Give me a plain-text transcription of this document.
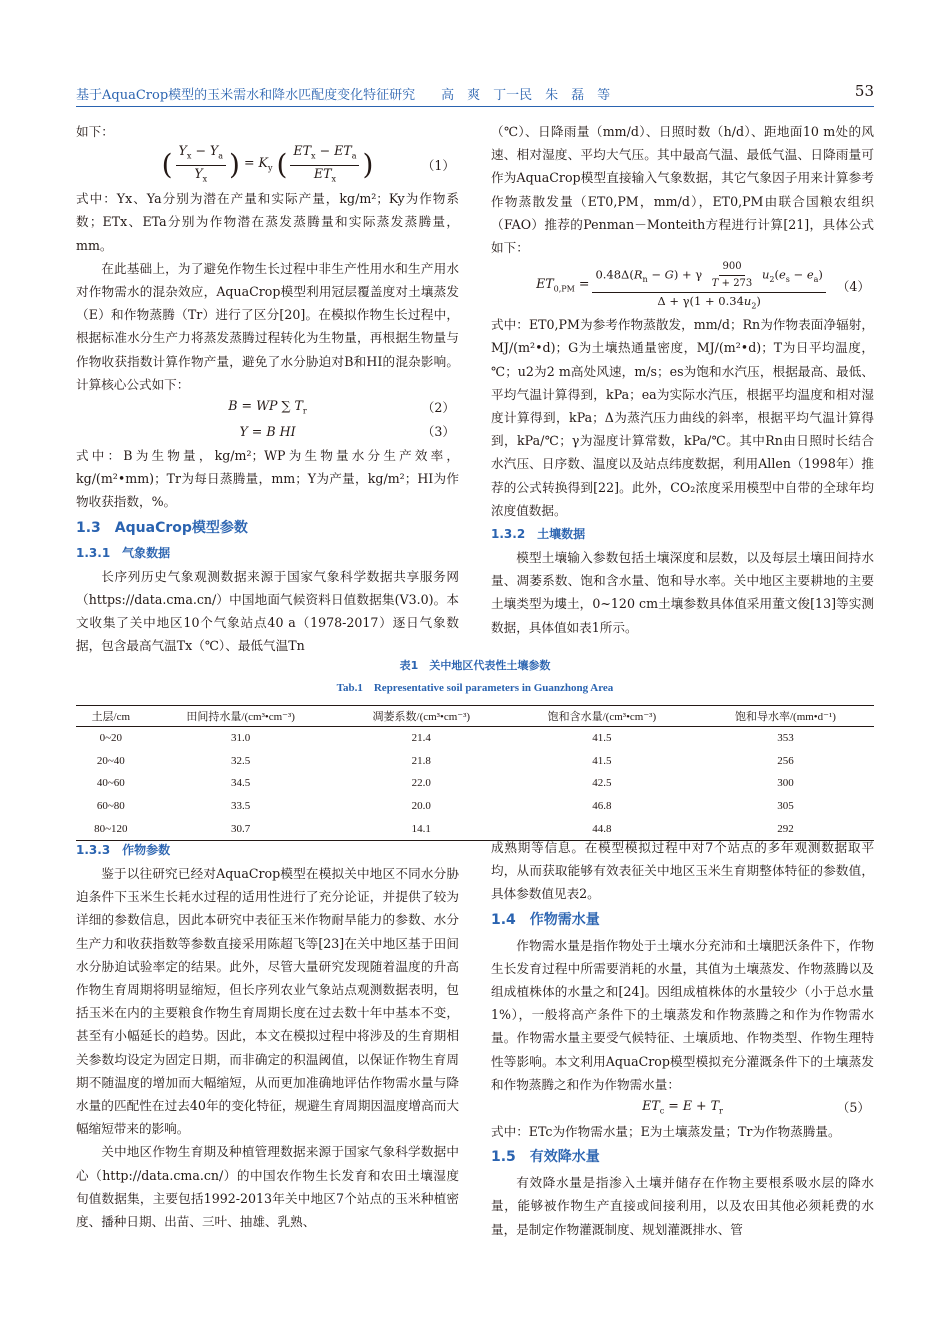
基于AquaCrop模型的玉米需水和降水匹配度变化特征研究　　高　爽　丁一民　朱　磊　等	53

如下：

( $\frac{Y_x - Y_a}{Y_x}$ ) = $K_y$ ( $\frac{ET_x - ET_a}{ET_x}$ )	（1）

式中：Yx、Ya分别为潜在产量和实际产量，kg/m²；Ky为作物系数；ETx、ETa分别为作物潜在蒸发蒸腾量和实际蒸发蒸腾量，mm。

在此基础上，为了避免作物生长过程中非生产性用水和生产用水对作物需水的混杂效应，AquaCrop模型利用冠层覆盖度对土壤蒸发（E）和作物蒸腾（Tr）进行了区分[20]。在模拟作物生长过程中，根据标准水分生产力将蒸发蒸腾过程转化为生物量，再根据生物量与作物收获指数计算作物产量，避免了水分胁迫对B和HI的混杂影响。计算核心公式如下：

B = WP ∑ $T_r$	（2）
Y = B HI	（3）

式中：B为生物量，kg/m²；WP为生物量水分生产效率，kg/(m²•mm)；Tr为每日蒸腾量，mm；Y为产量，kg/m²；HI为作物收获指数，%。

1.3　AquaCrop模型参数
1.3.1　气象数据

长序列历史气象观测数据来源于国家气象科学数据共享服务网（https://data.cma.cn/）中国地面气候资料日值数据集(V3.0)。本文收集了关中地区10个气象站点40 a（1978-2017）逐日气象数据，包含最高气温Tx（℃）、最低气温Tn

（℃）、日降雨量（mm/d）、日照时数（h/d）、距地面10 m处的风速、相对湿度、平均大气压。其中最高气温、最低气温、日降雨量可作为AquaCrop模型直接输入气象数据，其它气象因子用来计算参考作物蒸散发量（ET0,PM，mm/d），ET0,PM由联合国粮农组织（FAO）推荐的Penman－Monteith方程进行计算[21]，具体公式如下：

$ET_{0,PM} = \frac{0.48\Delta(R_n - G) + \gamma \frac{900}{T + 273} u_2(e_s - e_a)}{\Delta + \gamma(1 + 0.34u_2)} (4)$

式中：ET0,PM为参考作物蒸散发，mm/d；Rn为作物表面净辐射，MJ/(m²•d)；G为土壤热通量密度，MJ/(m²•d)；T为日平均温度，℃；u2为2 m高处风速，m/s；es为饱和水汽压，根据最高、最低、平均气温计算得到，kPa；ea为实际水汽压，根据平均温度和相对湿度计算得到，kPa；Δ为蒸汽压力曲线的斜率，根据平均气温计算得到，kPa/℃；γ为湿度计算常数，kPa/℃。其中Rn由日照时长结合水汽压、日序数、温度以及站点纬度数据，利用Allen（1998年）推荐的公式转换得到[22]。此外，CO₂浓度采用模型中自带的全球年均浓度值数据。

1.3.2　土壤数据

模型土壤输入参数包括土壤深度和层数，以及每层土壤田间持水量、凋萎系数、饱和含水量、饱和导水率。关中地区主要耕地的主要土壤类型为塿土，0~120 cm土壤参数具体值采用董文俊[13]等实测数据，具体值如表1所示。

表1　关中地区代表性土壤参数
Tab.1　Representative soil parameters in Guanzhong Area
土层/cm	田间持水量/(cm³•cm⁻³)	凋萎系数/(cm³•cm⁻³)	饱和含水量/(cm³•cm⁻³)	饱和导水率/(mm•d⁻¹)
0~20	31.0	21.4	41.5	353
20~40	32.5	21.8	41.5	256
40~60	34.5	22.0	42.5	300
60~80	33.5	20.0	46.8	305
80~120	30.7	14.1	44.8	292
1.3.3　作物参数

鉴于以往研究已经对AquaCrop模型在模拟关中地区不同水分胁迫条件下玉米生长耗水过程的适用性进行了充分论证，并提供了较为详细的参数信息，因此本研究中表征玉米作物耐旱能力的参数、水分生产力和收获指数等参数直接采用陈超飞等[23]在关中地区基于田间水分胁迫试验率定的结果。此外，尽管大量研究发现随着温度的升高作物生育周期将明显缩短，但长序列农业气象站点观测数据表明，包括玉米在内的主要粮食作物生育周期长度在过去数十年中基本不变，甚至有小幅延长的趋势。因此，本文在模拟过程中将涉及的生育期相关参数均设定为固定日期，而非确定的积温阈值，以保证作物生育周期不随温度的增加而大幅缩短，从而更加准确地评估作物需水量与降水量的匹配性在过去40年的变化特征，规避生育周期因温度增高而大幅缩短带来的影响。

关中地区作物生育期及种植管理数据来源于国家气象科学数据中心（http://data.cma.cn/）的中国农作物生长发育和农田土壤湿度旬值数据集，主要包括1992-2013年关中地区7个站点的玉米种植密度、播种日期、出苗、三叶、抽雄、乳熟、

成熟期等信息。在模型模拟过程中对7个站点的多年观测数据取平均，从而获取能够有效表征关中地区玉米生育期整体特征的参数值，具体参数值见表2。

1.4　作物需水量

作物需水量是指作物处于土壤水分充沛和土壤肥沃条件下，作物生长发育过程中所需要消耗的水量，其值为土壤蒸发、作物蒸腾以及组成植株体的水量之和[24]。因组成植株体的水量较少（小于总水量1%），一般将高产条件下的土壤蒸发和作物蒸腾之和作为作物需水量。作物需水量主要受气候特征、土壤质地、作物类型、作物生理特性等影响。本文利用AquaCrop模型模拟充分灌溉条件下的土壤蒸发和作物蒸腾之和作为作物需水量：

$ET_c = E + T_r$	（5）

式中：ETc为作物需水量；E为土壤蒸发量；Tr为作物蒸腾量。

1.5　有效降水量

有效降水量是指渗入土壤并储存在作物主要根系吸水层的降水量，能够被作物生产直接或间接利用，以及农田其他必须耗费的水量，是制定作物灌溉制度、规划灌溉排水、管
